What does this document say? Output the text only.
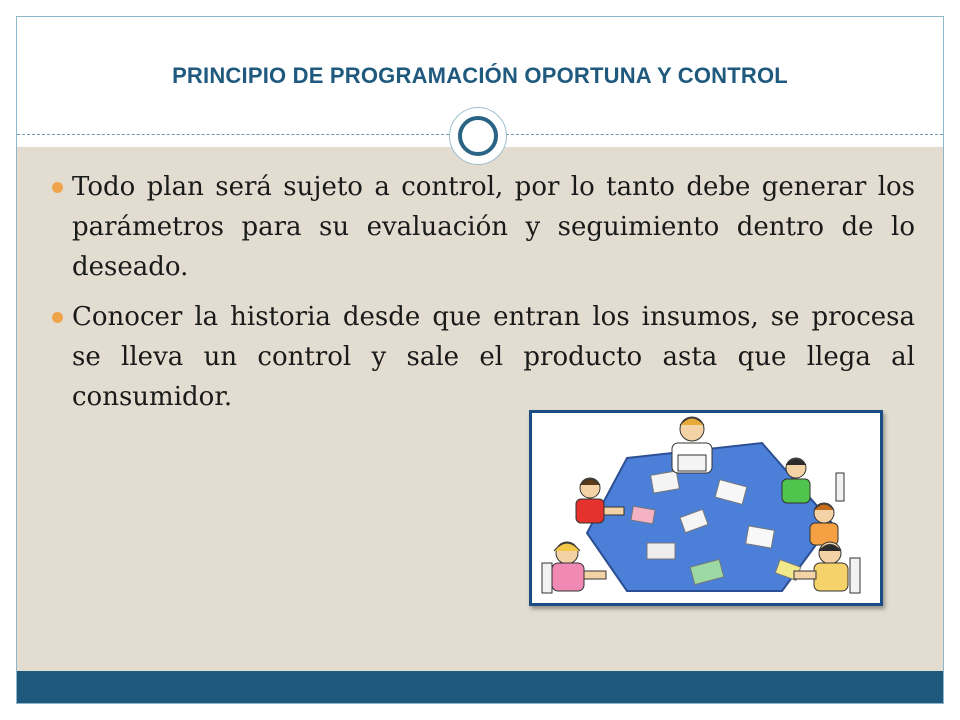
PRINCIPIO DE PROGRAMACIÓN OPORTUNA Y CONTROL
Todo plan será sujeto a control, por lo tanto debe generar los parámetros para su evaluación y seguimiento dentro de lo deseado.
Conocer la historia desde que entran los insumos, se procesa se lleva un control y sale el producto asta que llega al consumidor.
